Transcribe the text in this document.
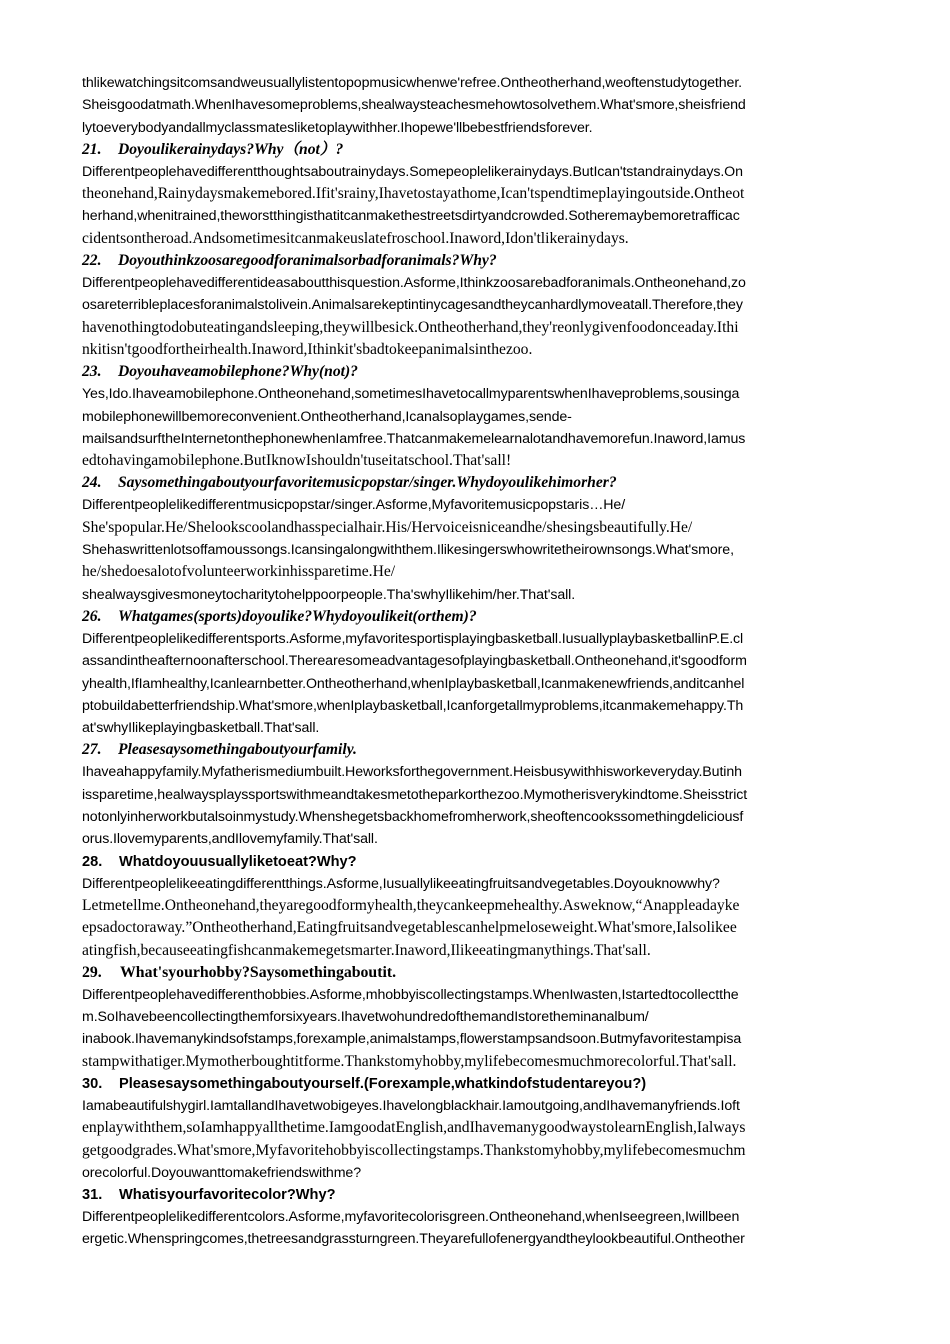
thlikewatchingsitcomsandweusuallylistentopopmusicwhenwe'refree.Ontheotherhand,weoftenstudytogether.
Sheisgoodatmath.WhenIhavesomeproblems,shealwaysteachesmehowtosolvethem.What'smore,sheisfriend
lytoeverybodyandallmyclassmatesliketoplaywithher.Ihopewe'llbebestfriendsforever.
21. Doyoulikerainydays?Why（not）?
Differentpeoplehavedifferentthoughtsaboutrainydays.Somepeoplelikerainydays.ButIcan'tstandrainydays.On
theonehand,Rainydaysmakemebored.Ifit'srainy,Ihavetostayathome,Ican'tspendtimeplayingoutside.Ontheot
herhand,whenitrained,theworstthingisthatitcanmakethestreetsdirtyandcrowded.Sotheremaybemoretrafficac
cidentsontheroad.Andsometimesitcanmakeuslatefroschool.Inaword,Idon'tlikerainydays.
22. Doyouthinkzoosaregoodforanimalsorbadforanimals?Why?
Differentpeoplehavedifferentideasaboutthisquestion.Asforme,Ithinkzoosarebadforanimals.Ontheonehand,zo
osareterribleplacesforanimalstolivein.Animalsarekeptintinycagesandtheycanhardlymoveatall.Therefore,they
havenothingtodobuteatingandsleeping,theywillbesick.Ontheotherhand,they'reonlygivenfoodonceaday.Ithi
nkitisn'tgoodfortheirhealth.Inaword,Ithinkit'sbadtokeepanimalsinthezoo.
23. Doyouhaveamobilephone?Why(not)?
Yes,Ido.Ihaveamobilephone.Ontheonehand,sometimesIhavetocallmyparentswhenIhaveproblems,sousinga
mobilephonewillbemoreconvenient.Ontheotherhand,Icanalsoplaygames,sende-
mailsandsurftheInternetonthephonewhenIamfree.Thatcanmakemelearnalotandhavemorefun.Inaword,Iamus
edtohavingamobilephone.ButIknowIshouldn'tuseitatschool.That'sall!
24. Saysomethingaboutyourfavoritemusicpopstar/singer.Whydoyoulikehimorher?
Differentpeoplelikedifferentmusicpopstar/singer.Asforme,Myfavoritemusicpopstaris…He/
She'spopular.He/Shelookscoolandhasspecialhair.His/Hervoiceisniceandhe/shesingsbeautifully.He/
Shehaswrittenlotsoffamoussongs.Icansingalongwiththem.Ilikesingerswhowritetheirownsongs.What'smore,
he/shedoesalotofvolunteerworkinhissparetime.He/
shealwaysgivesmoneytocharitytohelppoorpeople.Tha'swhyIlikehim/her.That'sall.
26. Whatgames(sports)doyoulike?Whydoyoulikeit(orthem)?
Differentpeoplelikedifferentsports.Asforme,myfavoritesportisplayingbasketball.IusuallyplaybasketballinP.E.cl
assandintheafternoonafterschool.Therearesomeadvantagesofplayingbasketball.Ontheonehand,it'sgoodform
yhealth,IfIamhealthy,Icanlearnbetter.Ontheotherhand,whenIplaybasketball,Icanmakenewfriends,anditcanhel
ptobuildabetterfriendship.What'smore,whenIplaybasketball,Icanforgetallmyproblems,itcanmakemehappy.Th
at'swhyIlikeplayingbasketball.That'sall.
27. Pleasesaysomethingaboutyourfamily.
Ihaveahappyfamily.Myfatherismediumbuilt.Heworksforthegovernment.Heisbusywithhisworkeveryday.Butinh
issparetime,healwaysplayssportswithmeandtakesmetotheparkorthezoo.Mymotherisverykindtome.Sheisstrict
notonlyinherworkbutalsoinmystudy.Whenshegetsbackhomefromherwork,sheoftencookssomethingdeliciousf
orus.Ilovemyparents,andIlovemyfamily.That'sall.
28. Whatdoyouusuallyliketoeat?Why?
Differentpeoplelikeeatingdifferentthings.Asforme,Iusuallylikeeatingfruitsandvegetables.Doyouknowwhy?
Letmetellme.Ontheonehand,theyaregoodformyhealth,theycankeepmehealthy.Asweknow,“Anappleadayke
epsadoctoraway.”Ontheotherhand,Eatingfruitsandvegetablescanhelpmeloseweight.What'smore,Ialsolikee
atingfish,becauseeatingfishcanmakemegetsmarter.Inaword,Ilikeeatingmanythings.That'sall.
29. What'syourhobby?Saysomethingaboutit.
Differentpeoplehavedifferenthobbies.Asforme,mhobbyiscollectingstamps.WhenIwasten,Istartedtocollectthe
m.SoIhavebeencollectingthemforsixyears.IhavetwohundredofthemandIstorethemina​nalbum/
inabook.Ihavemanykindsofstamps,forexample,animalstamps,flowerstampsandsoon.Butmyfavoritestampisa
stampwithatiger.Mymotherboughtitforme.Thankstomyhobby,mylifebecomesmuchmorecolorful.That'sall.
30. Pleasesaysomethingaboutyourself.(Forexample,whatkindofstudentareyou?)
Iamabeautifulshygirl.IamtallandIhavetwobigeyes.Ihavelongblackhair.Iamoutgoing,andIhavemanyfriends.Ioft
enplaywiththem,soIamhappyallthetime.IamgoodatEnglish,andIhavemanygoodwaystolearnEnglish,Ialways
getgoodgrades.What'smore,Myfavoritehobbyiscollectingstamps.Thankstomyhobby,mylifebecomesmuchm
orecolorful.Doyouwanttomakefriendswithme?
31. Whatisyourfavoritecolor?Why?
Differentpeoplelikedifferentcolors.Asforme,myfavoritecolorisgreen.Ontheonehand,whenIseegreen,Iwillbeen
ergetic.Whenspringcomes,thetreesandgrassturngreen.Theyarefullofenergyandtheylookbeautiful.Ontheother
